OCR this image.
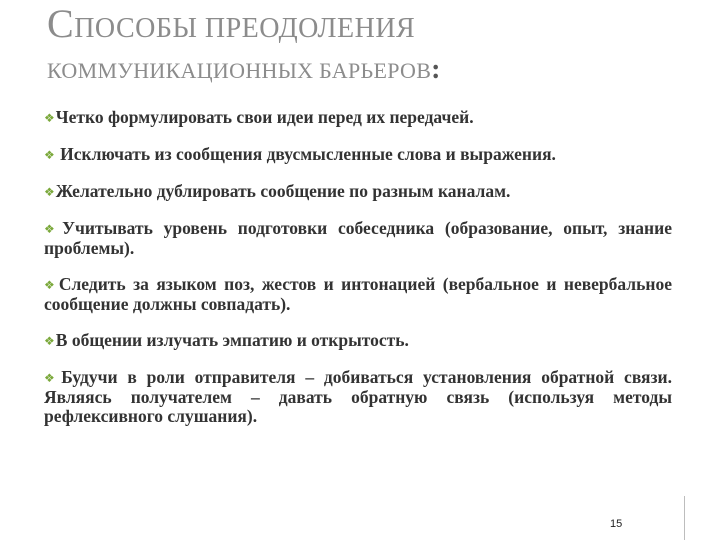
СПОСОБЫ ПРЕОДОЛЕНИЯ
КОММУНИКАЦИОННЫХ БАРЬЕРОВ:

❖Четко формулировать свои идеи перед их передачей.

❖ Исключать из сообщения двусмысленные слова и выражения.

❖Желательно дублировать сообщение по разным каналам.

❖Учитывать уровень подготовки собеседника (образование, опыт, знание проблемы).

❖Следить за языком поз, жестов и интонацией (вербальное и невербальное сообщение должны совпадать).

❖В общении излучать эмпатию и открытость.

❖Будучи в роли отправителя – добиваться установления обратной связи. Являясь получателем – давать обратную связь (используя методы рефлексивного слушания).

15
